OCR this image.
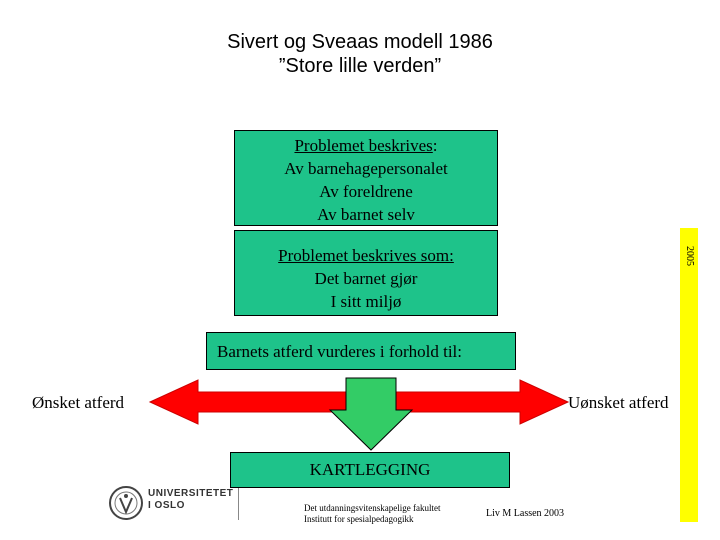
Sivert og Sveaas modell 1986
”Store lille verden”
Problemet beskrives:
Av barnehagepersonalet
Av foreldrene
Av barnet selv
Problemet beskrives som:
Det barnet gjør
I sitt miljø
2005
Barnets atferd vurderes i forhold til:
Ønsket atferd	Uønsket atferd
KARTLEGGING
UNIVERSITETET
I OSLO	Det utdanningsvitenskapelige fakultet
Institutt for spesialpedagogikk	Liv M Lassen 2003
